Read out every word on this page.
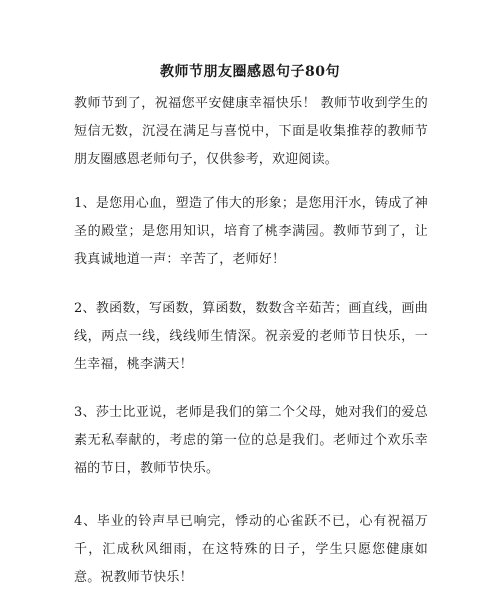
教师节朋友圈感恩句子80句

教师节到了，祝福您平安健康幸福快乐！ 教师节收到学生的短信无数，沉浸在满足与喜悦中，下面是收集推荐的教师节朋友圈感恩老师句子，仅供参考，欢迎阅读。

1、是您用心血，塑造了伟大的形象；是您用汗水，铸成了神圣的殿堂；是您用知识，培育了桃李满园。教师节到了，让我真诚地道一声：辛苦了，老师好！

2、教函数，写函数，算函数，数数含辛茹苦；画直线，画曲线，两点一线，线线师生情深。祝亲爱的老师节日快乐，一生幸福，桃李满天！

3、莎士比亚说，老师是我们的第二个父母，她对我们的爱总素无私奉献的，考虑的第一位的总是我们。老师过个欢乐幸福的节日，教师节快乐。

4、毕业的铃声早已响完，悸动的心雀跃不已，心有祝福万千，汇成秋风细雨，在这特殊的日子，学生只愿您健康如意。祝教师节快乐！
